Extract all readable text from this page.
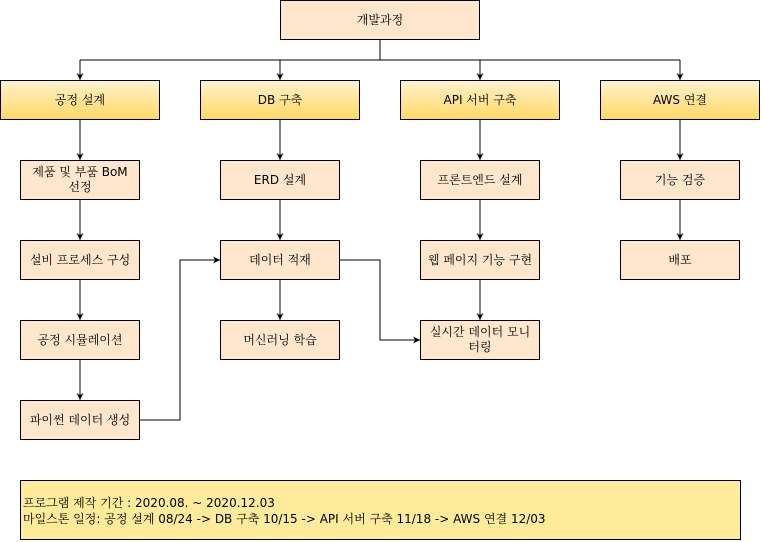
개발과정
공정 설계	DB 구축	API 서버 구축	AWS 연결
제품 및 부품 BoM 선정
설비 프로세스 구성
공정 시뮬레이션
파이썬 데이터 생성
ERD 설계
데이터 적재
머신러닝 학습
프론트엔드 설계
웹 페이지 기능 구현
실시간 데이터 모니터링
기능 검증
배포
프로그램 제작 기간 : 2020.08. ~ 2020.12.03
마일스톤 일정: 공정 설계 08/24 -> DB 구축 10/15 -> API 서버 구축 11/18 -> AWS 연결 12/03
